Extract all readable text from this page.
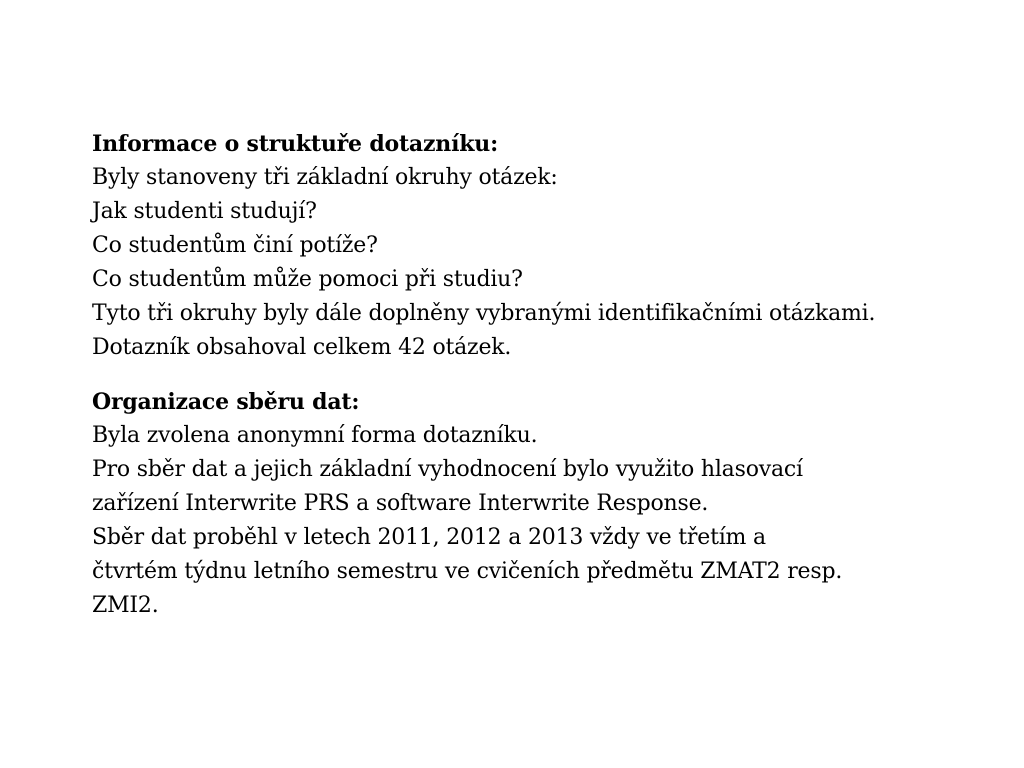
Informace o struktuře dotazníku:
Byly stanoveny tři základní okruhy otázek:
Jak studenti studují?
Co studentům činí potíže?
Co studentům může pomoci při studiu?
Tyto tři okruhy byly dále doplněny vybranými identifikačními otázkami.
Dotazník obsahoval celkem 42 otázek.
Organizace sběru dat:
Byla zvolena anonymní forma dotazníku.
Pro sběr dat a jejich základní vyhodnocení bylo využito hlasovací
zařízení Interwrite PRS a software Interwrite Response.
Sběr dat proběhl v letech 2011, 2012 a 2013 vždy ve třetím a
čtvrtém týdnu letního semestru ve cvičeních předmětu ZMAT2 resp.
ZMI2.
